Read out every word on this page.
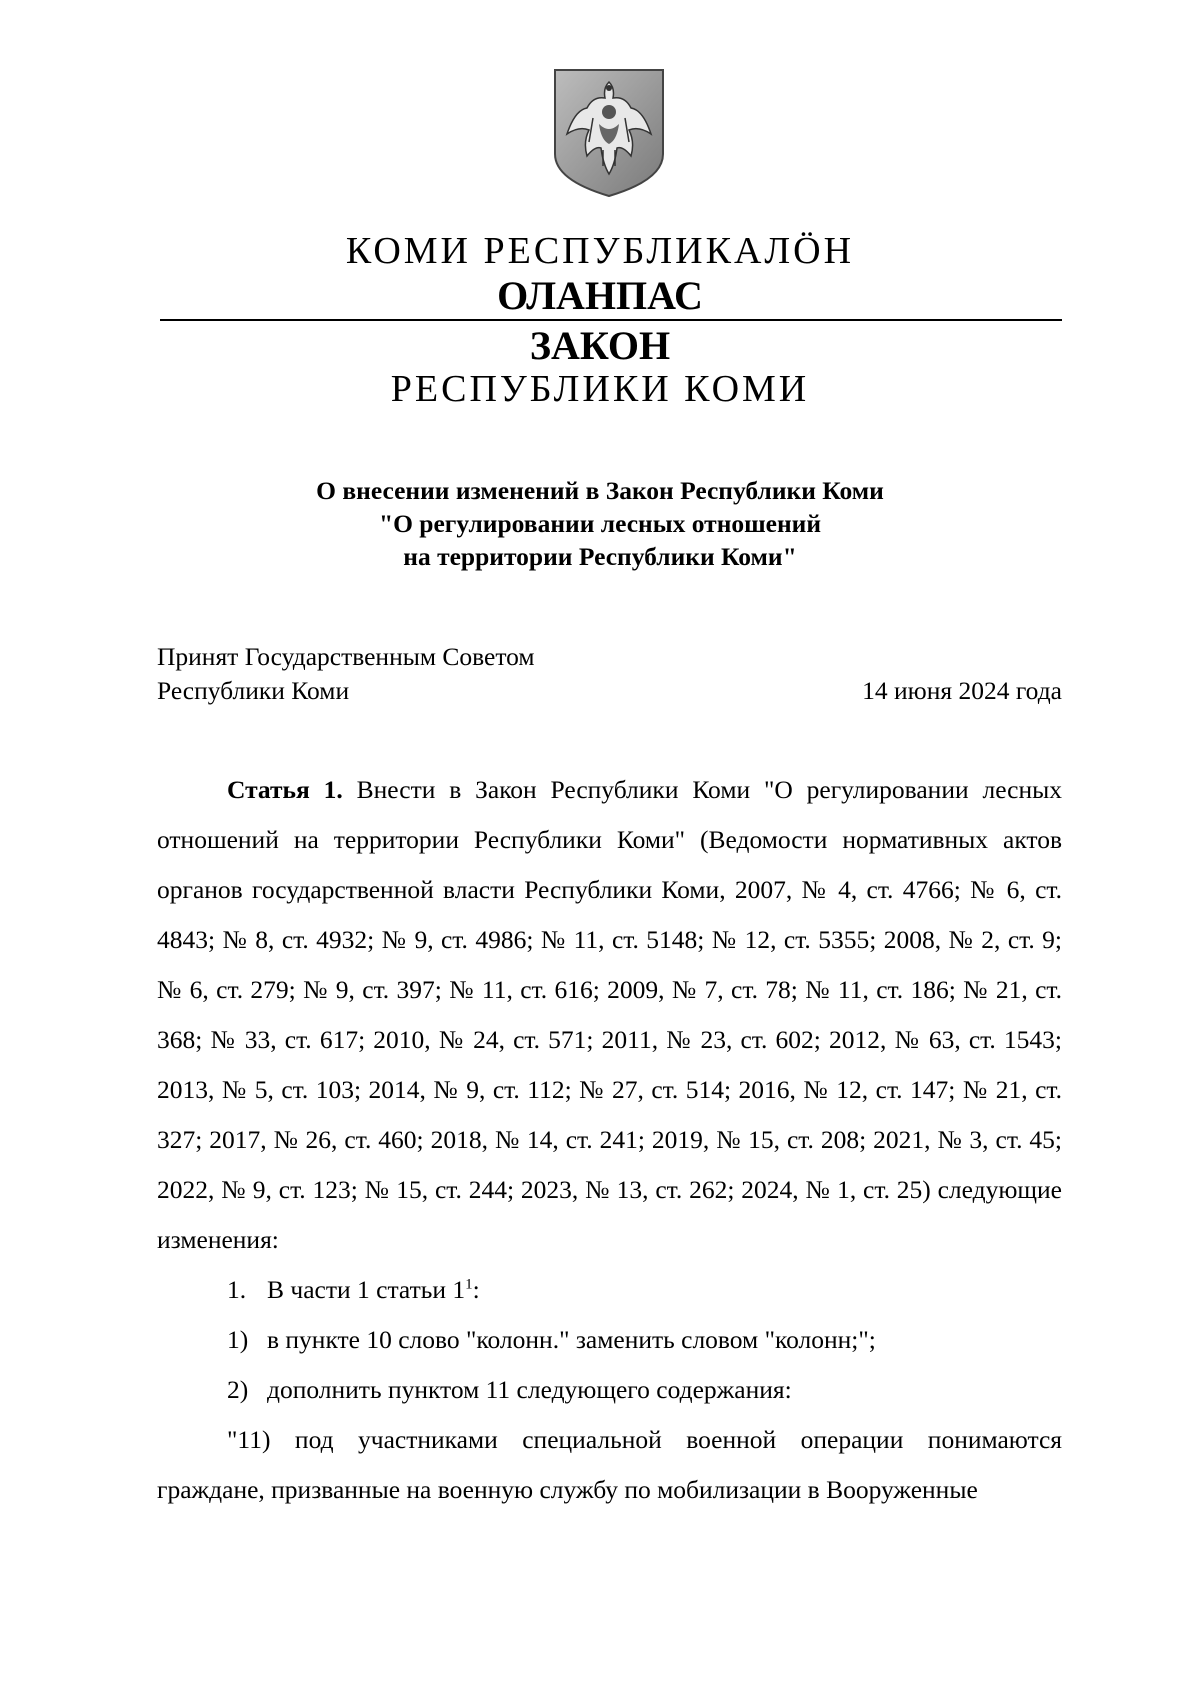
КОМИ РЕСПУБЛИКАЛӦН
ОЛАНПАС
ЗАКОН
РЕСПУБЛИКИ КОМИ
О внесении изменений в Закон Республики Коми
"О регулировании лесных отношений
на территории Республики Коми"
Принят Государственным Советом
Республики Коми	14 июня 2024 года

Статья 1. Внести в Закон Республики Коми "О регулировании лесных отношений на территории Республики Коми" (Ведомости нормативных актов органов государственной власти Республики Коми, 2007, № 4, ст. 4766; № 6, ст. 4843; № 8, ст. 4932; № 9, ст. 4986; № 11, ст. 5148; № 12, ст. 5355; 2008, № 2, ст. 9; № 6, ст. 279; № 9, ст. 397; № 11, ст. 616; 2009, № 7, ст. 78; № 11, ст. 186; № 21, ст. 368; № 33, ст. 617; 2010, № 24, ст. 571; 2011, № 23, ст. 602; 2012, № 63, ст. 1543; 2013, № 5, ст. 103; 2014, № 9, ст. 112; № 27, ст. 514; 2016, № 12, ст. 147; № 21, ст. 327; 2017, № 26, ст. 460; 2018, № 14, ст. 241; 2019, № 15, ст. 208; 2021, № 3, ст. 45; 2022, № 9, ст. 123; № 15, ст. 244; 2023, № 13, ст. 262; 2024, № 1, ст. 25) следующие изменения:

1. В части 1 статьи $1^1$:

1) в пункте 10 слово "колонн." заменить словом "колонн;";

2) дополнить пунктом 11 следующего содержания:

"11) под участниками специальной военной операции понимаются граждане, призванные на военную службу по мобилизации в Вооруженные
